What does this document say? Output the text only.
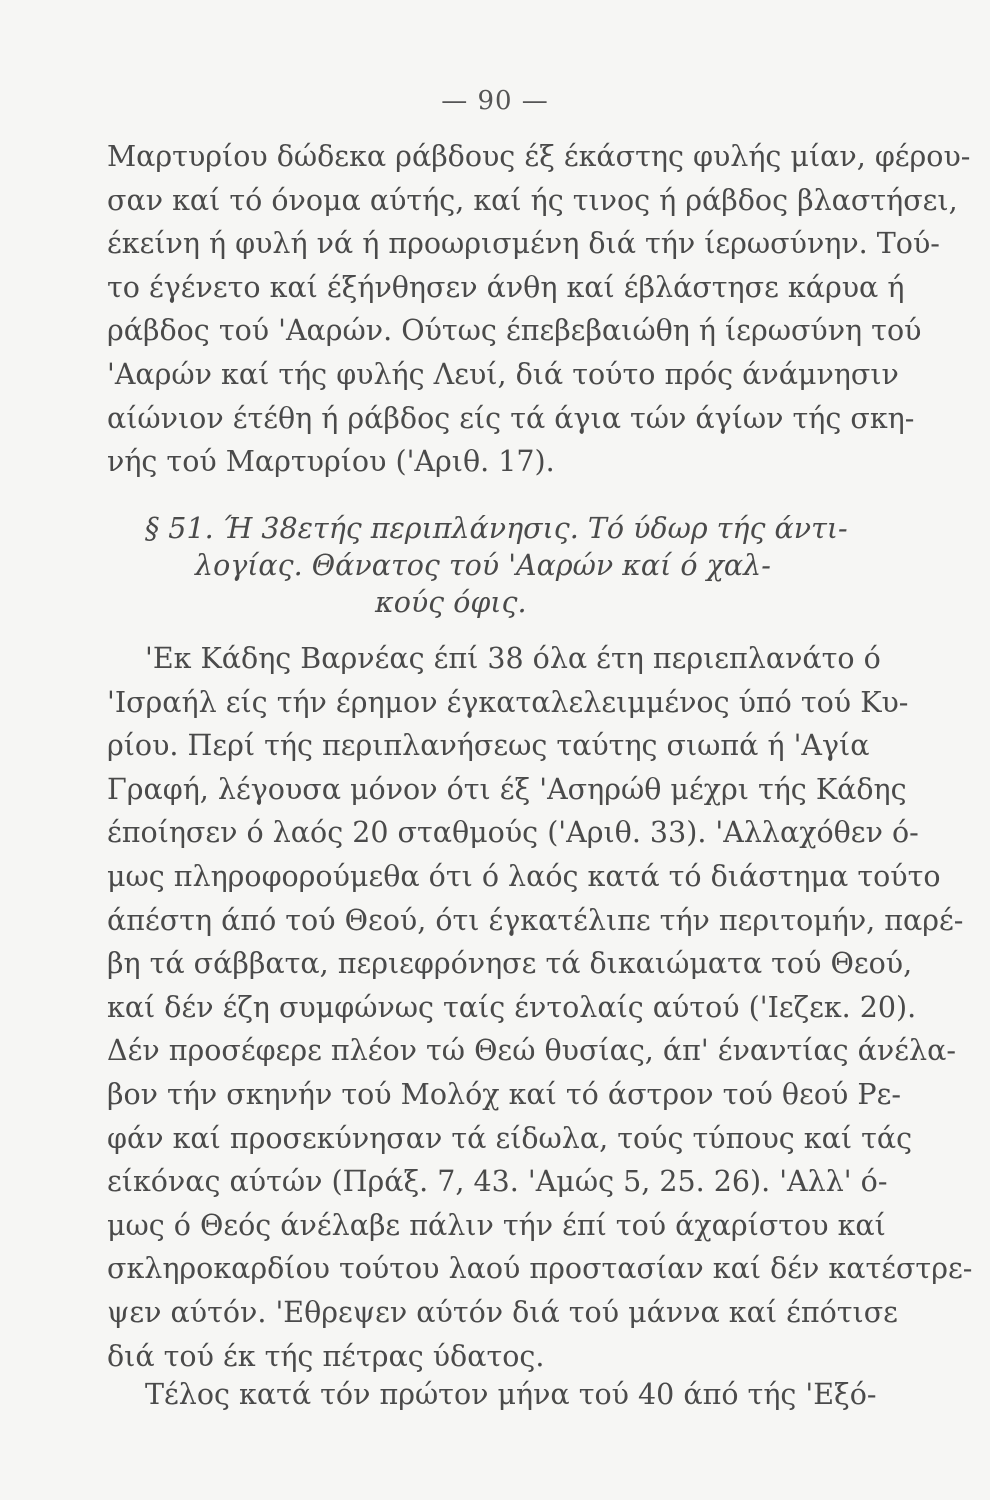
— 90 —
Μαρτυρίου δώδεκα ράβδους έξ έκάστης φυλής μίαν, φέρου-
σαν καί τό όνομα αύτής, καί ής τινος ή ράβδος βλαστήσει,
έκείνη ή φυλή νά ή προωρισμένη διά τήν ίερωσύνην. Τού-
το έγένετο καί έξήνθησεν άνθη καί έβλάστησε κάρυα ή
ράβδος τού 'Ααρών. Ούτως έπεβεβαιώθη ή ίερωσύνη τού
'Ααρών καί τής φυλής Λευί, διά τούτο πρός άνάμνησιν
αίώνιον έτέθη ή ράβδος είς τά άγια τών άγίων τής σκη-
νής τού Μαρτυρίου ('Αριθ. 17).
§ 51. Ή 38ετής περιπλάνησις. Τό ύδωρ τής άντι-
λογίας. Θάνατος τού 'Ααρών καί ό χαλ-
κούς όφις.
'Εκ Κάδης Βαρνέας έπί 38 όλα έτη περιεπλανάτο ό
'Ισραήλ είς τήν έρημον έγκαταλελειμμένος ύπό τού Κυ-
ρίου. Περί τής περιπλανήσεως ταύτης σιωπά ή 'Αγία
Γραφή, λέγουσα μόνον ότι έξ 'Ασηρώθ μέχρι τής Κάδης
έποίησεν ό λαός 20 σταθμούς ('Αριθ. 33). 'Αλλαχόθεν ό-
μως πληροφορούμεθα ότι ό λαός κατά τό διάστημα τούτο
άπέστη άπό τού Θεού, ότι έγκατέλιπε τήν περιτομήν, παρέ-
βη τά σάββατα, περιεφρόνησε τά δικαιώματα τού Θεού,
καί δέν έζη συμφώνως ταίς έντολαίς αύτού ('Ιεζεκ. 20).
Δέν προσέφερε πλέον τώ Θεώ θυσίας, άπ' έναντίας άνέλα-
βον τήν σκηνήν τού Μολόχ καί τό άστρον τού θεού Ρε-
φάν καί προσεκύνησαν τά είδωλα, τούς τύπους καί τάς
είκόνας αύτών (Πράξ. 7, 43. 'Αμώς 5, 25. 26). 'Αλλ' ό-
μως ό Θεός άνέλαβε πάλιν τήν έπί τού άχαρίστου καί
σκληροκαρδίου τούτου λαού προστασίαν καί δέν κατέστρε-
ψεν αύτόν. 'Εθρεψεν αύτόν διά τού μάννα καί έπότισε
διά τού έκ τής πέτρας ύδατος.
Τέλος κατά τόν πρώτον μήνα τού 40 άπό τής 'Εξό-
